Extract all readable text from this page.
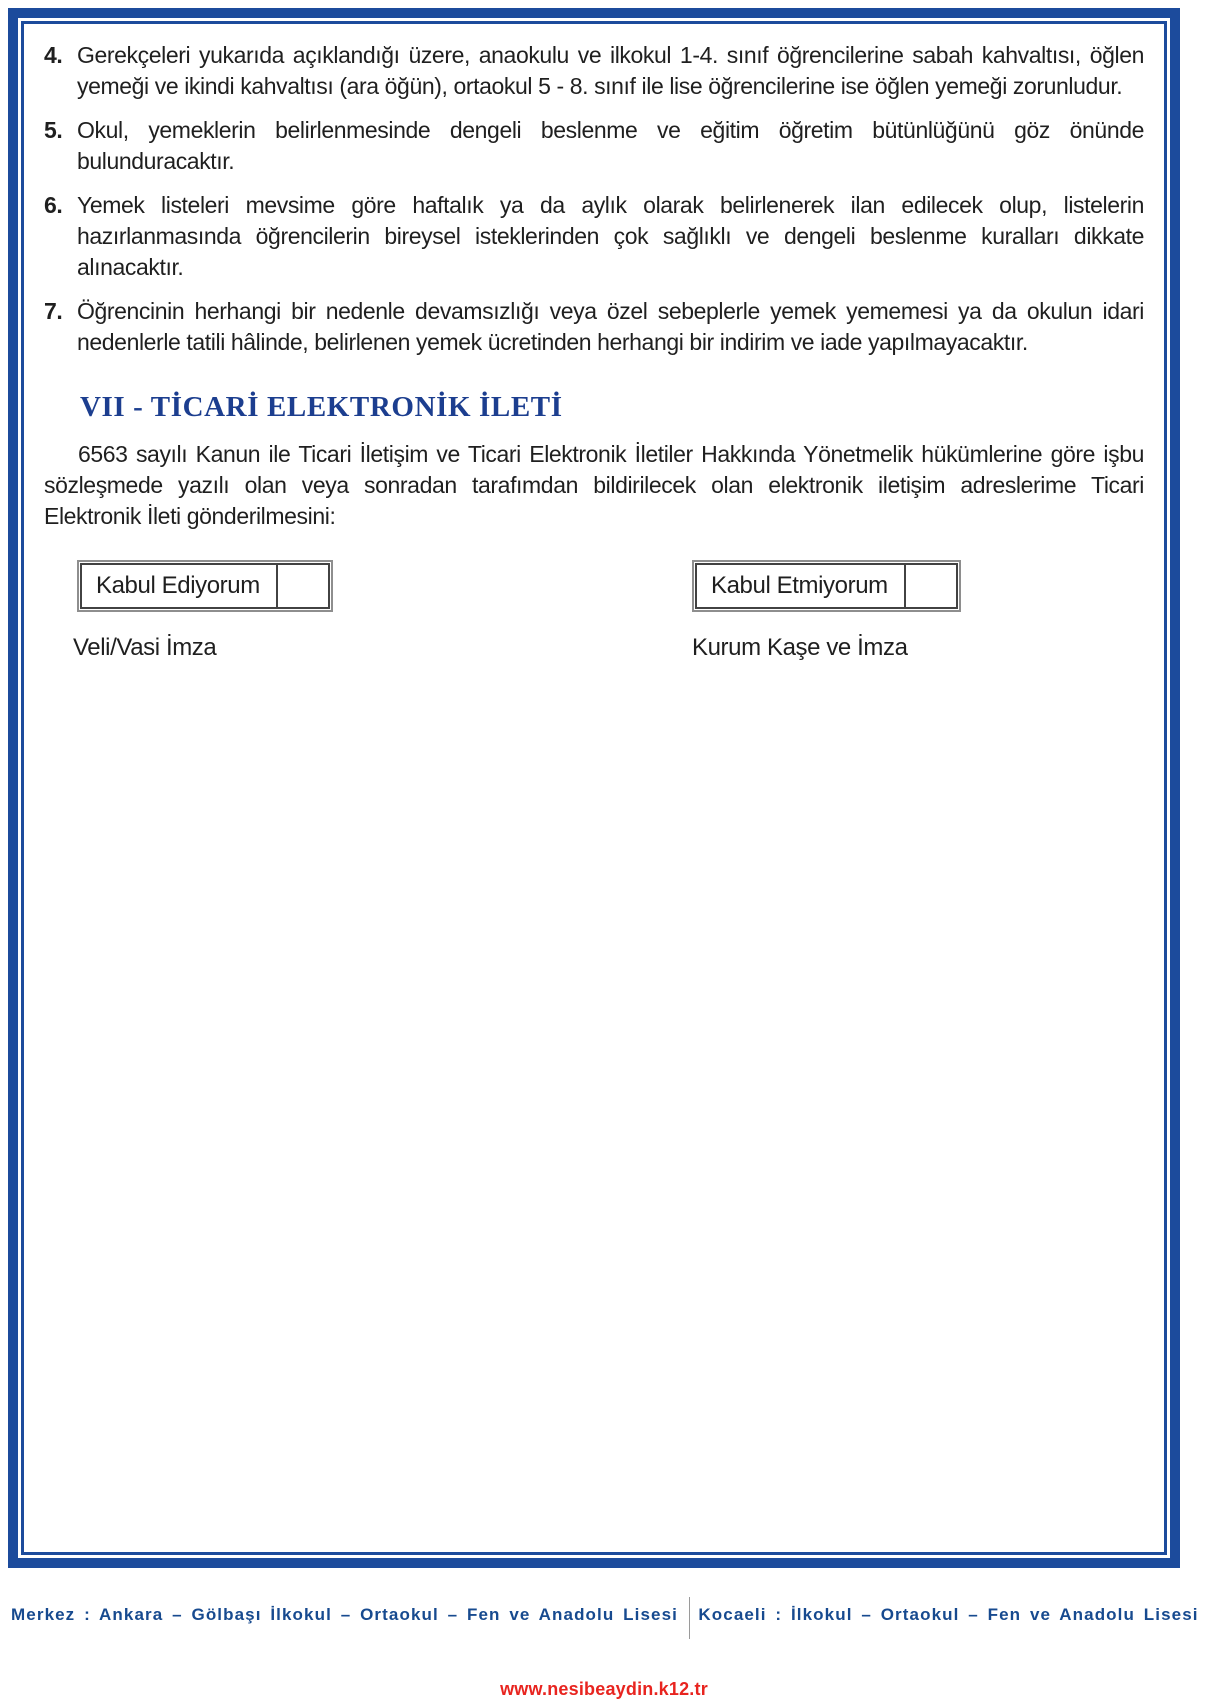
4. Gerekçeleri yukarıda açıklandığı üzere, anaokulu ve ilkokul 1-4. sınıf öğrencilerine sabah kahvaltısı, öğlen yemeği ve ikindi kahvaltısı (ara öğün), ortaokul 5 - 8. sınıf ile lise öğrencilerine ise öğlen yemeği zorunludur.
5. Okul, yemeklerin belirlenmesinde dengeli beslenme ve eğitim öğretim bütünlüğünü göz önünde bulunduracaktır.
6. Yemek listeleri mevsime göre haftalık ya da aylık olarak belirlenerek ilan edilecek olup, listelerin hazırlanmasında öğrencilerin bireysel isteklerinden çok sağlıklı ve dengeli beslenme kuralları dikkate alınacaktır.
7. Öğrencinin herhangi bir nedenle devamsızlığı veya özel sebeplerle yemek yememesi ya da okulun idari nedenlerle tatili hâlinde, belirlenen yemek ücretinden herhangi bir indirim ve iade yapılmayacaktır.
VII - TİCARİ ELEKTRONİK İLETİ

6563 sayılı Kanun ile Ticari İletişim ve Ticari Elektronik İletiler Hakkında Yönetmelik hükümlerine göre işbu sözleşmede yazılı olan veya sonradan tarafımdan bildirilecek olan elektronik iletişim adreslerime Ticari Elektronik İleti gönderilmesini:

Kabul Ediyorum	Kabul Etmiyorum
Veli/Vasi İmza	Kurum Kaşe ve İmza
Merkez : Ankara – Gölbaşı İlkokul – Ortaokul – Fen ve Anadolu Lisesi	Kocaeli : İlkokul – Ortaokul – Fen ve Anadolu Lisesi
www.nesibeaydin.k12.tr
